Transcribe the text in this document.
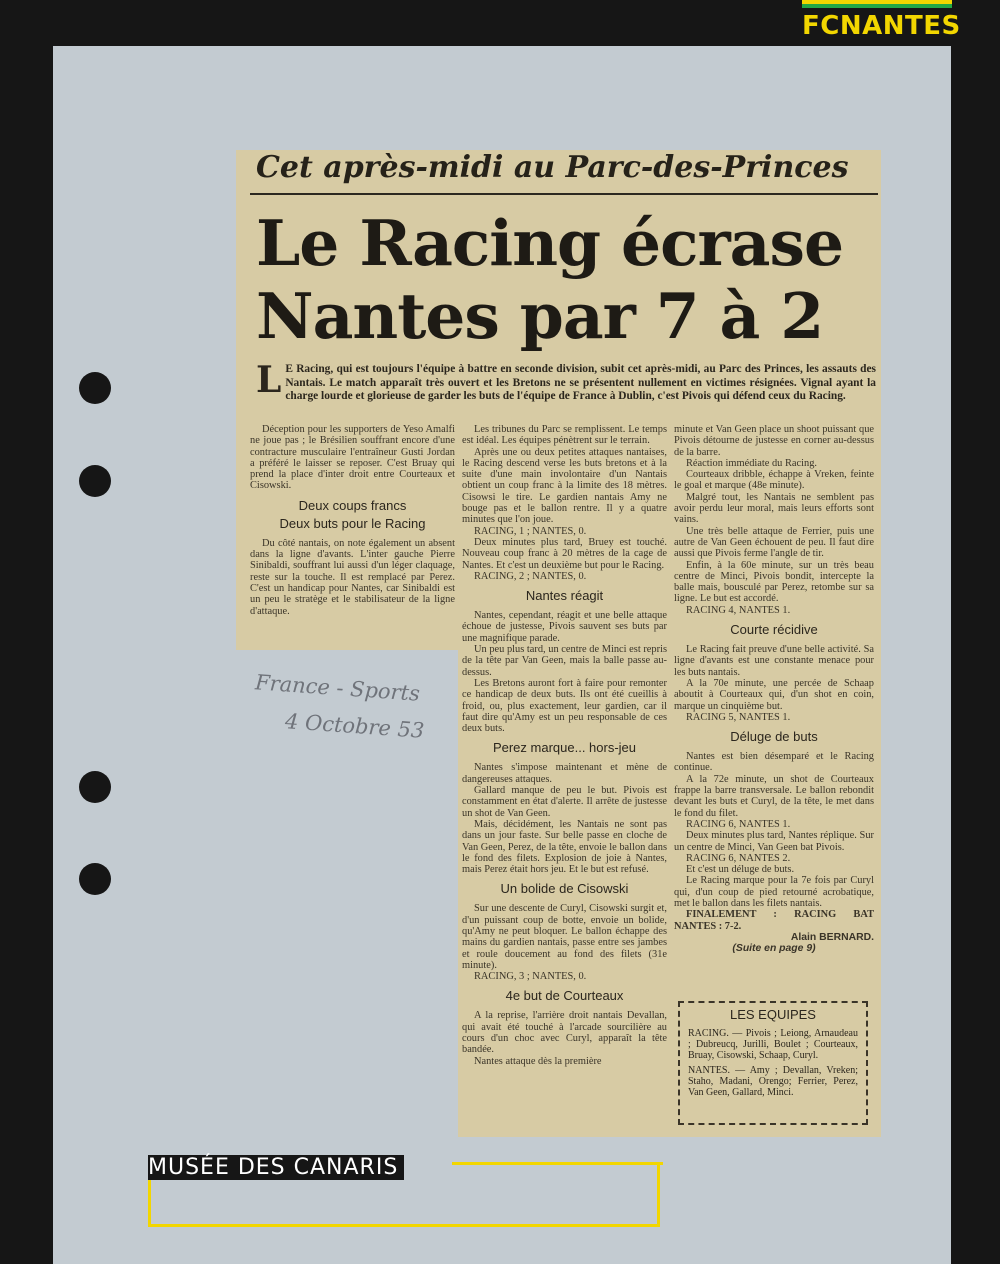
FCNANTES
Cet après-midi au Parc-des-Princes
Le Racing écrase
Nantes par 7 à 2
L E Racing, qui est toujours l'équipe à battre en seconde division, subit cet après-midi, au Parc des Princes, les assauts des Nantais. Le match apparaît très ouvert et les Bretons ne se présentent nullement en victimes résignées. Vignal ayant la charge lourde et glorieuse de garder les buts de l'équipe de France à Dublin, c'est Pivois qui défend ceux du Racing.

Déception pour les supporters de Yeso Amalfi ne joue pas ; le Brésilien souffrant encore d'une contracture musculaire l'entraîneur Gusti Jordan a préféré le laisser se reposer. C'est Bruay qui prend la place d'inter droit entre Courteaux et Cisowski.

Deux coups francs
Deux buts pour le Racing

Du côté nantais, on note également un absent dans la ligne d'avants. L'inter gauche Pierre Sinibaldi, souffrant lui aussi d'un léger claquage, reste sur la touche. Il est remplacé par Perez. C'est un handicap pour Nantes, car Sinibaldi est un peu le stratège et le stabilisateur de la ligne d'attaque.

Les tribunes du Parc se remplissent. Le temps est idéal. Les équipes pénètrent sur le terrain.

Après une ou deux petites attaques nantaises, le Racing descend verse les buts bretons et à la suite d'une main involontaire d'un Nantais obtient un coup franc à la limite des 18 mètres. Cisowsi le tire. Le gardien nantais Amy ne bouge pas et le ballon rentre. Il y a quatre minutes que l'on joue.

RACING, 1 ; NANTES, 0.

Deux minutes plus tard, Bruey est touché. Nouveau coup franc à 20 mètres de la cage de Nantes. Et c'est un deuxième but pour le Racing.

RACING, 2 ; NANTES, 0.

Nantes réagit

Nantes, cependant, réagit et une belle attaque échoue de justesse, Pivois sauvent ses buts par une magnifique parade.

Un peu plus tard, un centre de Minci est repris de la tête par Van Geen, mais la balle passe au-dessus.

Les Bretons auront fort à faire pour remonter ce handicap de deux buts. Ils ont été cueillis à froid, ou, plus exactement, leur gardien, car il faut dire qu'Amy est un peu responsable de ces deux buts.

Perez marque... hors-jeu

Nantes s'impose maintenant et mène de dangereuses attaques.

Gallard manque de peu le but. Pivois est constamment en état d'alerte. Il arrête de justesse un shot de Van Geen.

Mais, décidément, les Nantais ne sont pas dans un jour faste. Sur belle passe en cloche de Van Geen, Perez, de la tête, envoie le ballon dans le fond des filets. Explosion de joie à Nantes, mais Perez était hors jeu. Et le but est refusé.

Un bolide de Cisowski

Sur une descente de Curyl, Cisowski surgit et, d'un puissant coup de botte, envoie un bolide, qu'Amy ne peut bloquer. Le ballon échappe des mains du gardien nantais, passe entre ses jambes et roule doucement au fond des filets (31e minute).

RACING, 3 ; NANTES, 0.

4e but de Courteaux

A la reprise, l'arrière droit nantais Devallan, qui avait été touché à l'arcade sourcilière au cours d'un choc avec Curyl, apparaît la tête bandée.

Nantes attaque dès la première

minute et Van Geen place un shoot puissant que Pivois détourne de justesse en corner au-dessus de la barre.

Réaction immédiate du Racing.

Courteaux dribble, échappe à Vreken, feinte le goal et marque (48e minute).

Malgré tout, les Nantais ne semblent pas avoir perdu leur moral, mais leurs efforts sont vains.

Une très belle attaque de Ferrier, puis une autre de Van Geen échouent de peu. Il faut dire aussi que Pivois ferme l'angle de tir.

Enfin, à la 60e minute, sur un très beau centre de Minci, Pivois bondit, intercepte la balle mais, bousculé par Perez, retombe sur sa ligne. Le but est accordé.

RACING 4, NANTES 1.

Courte récidive

Le Racing fait preuve d'une belle activité. Sa ligne d'avants est une constante menace pour les buts nantais.

A la 70e minute, une percée de Schaap aboutit à Courteaux qui, d'un shot en coin, marque un cinquième but.

RACING 5, NANTES 1.

Déluge de buts

Nantes est bien désemparé et le Racing continue.

A la 72e minute, un shot de Courteaux frappe la barre transversale. Le ballon rebondit devant les buts et Curyl, de la tête, le met dans le fond du filet.

RACING 6, NANTES 1.

Deux minutes plus tard, Nantes réplique. Sur un centre de Minci, Van Geen bat Pivois.

RACING 6, NANTES 2.

Et c'est un déluge de buts.

Le Racing marque pour la 7e fois par Curyl qui, d'un coup de pied retourné acrobatique, met le ballon dans les filets nantais.

FINALEMENT : RACING BAT NANTES : 7-2.

Alain BERNARD.

(Suite en page 9)

LES EQUIPES

RACING. — Pivois ; Leiong, Arnaudeau ; Dubreucq, Jurilli, Boulet ; Courteaux, Bruay, Cisowski, Schaap, Curyl.

NANTES. — Amy ; Devallan, Vreken; Staho, Madani, Orengo; Ferrier, Perez, Van Geen, Gallard, Minci.

France - Sports
4 Octobre 53
MUSÉE DES CANARIS
